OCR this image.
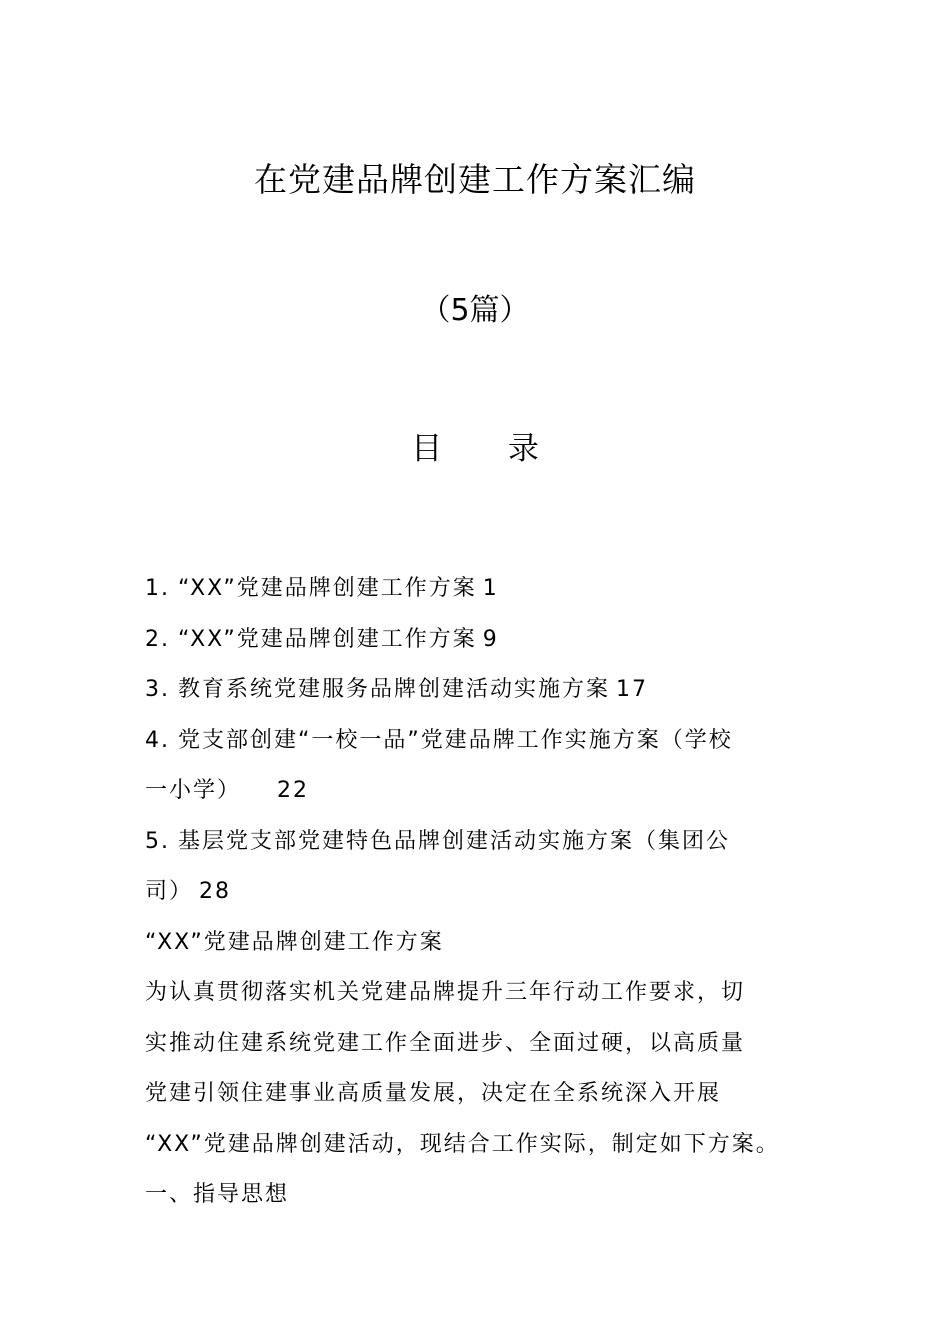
在党建品牌创建工作方案汇编
（5篇）
目 录
1. “XX”党建品牌创建工作方案 1
2. “XX”党建品牌创建工作方案 9
3. 教育系统党建服务品牌创建活动实施方案 17
4. 党支部创建“一校一品”党建品牌工作实施方案（学校
一小学） 22
5. 基层党支部党建特色品牌创建活动实施方案（集团公
司） 28
“XX”党建品牌创建工作方案
为认真贯彻落实机关党建品牌提升三年行动工作要求，切
实推动住建系统党建工作全面进步、全面过硬，以高质量
党建引领住建事业高质量发展，决定在全系统深入开展
“XX”党建品牌创建活动，现结合工作实际，制定如下方案。
一、指导思想
